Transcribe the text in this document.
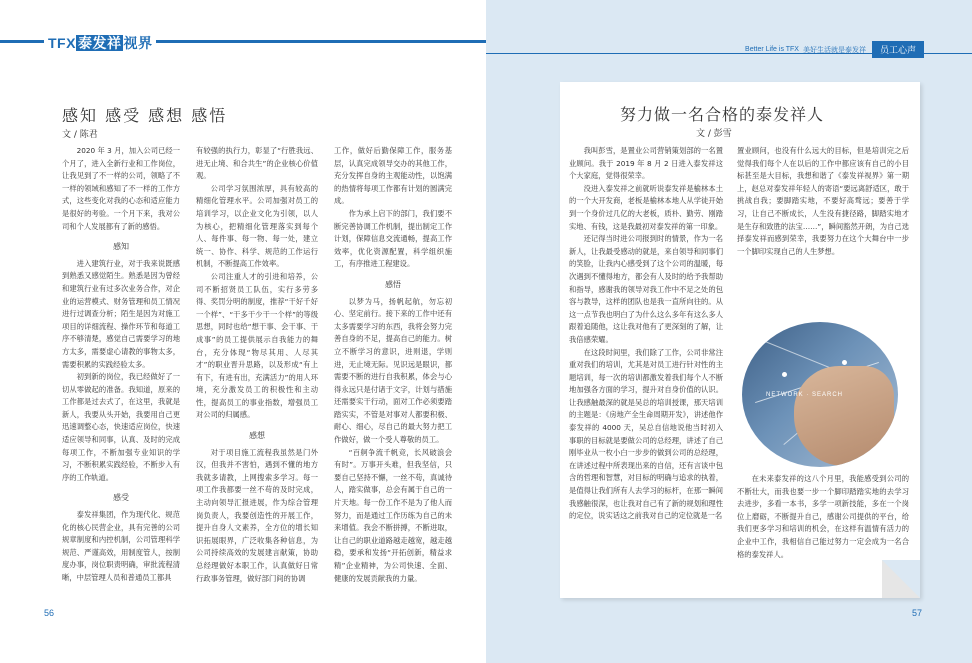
TFX 泰发祥 视界	Better Life is TFX 美好生活就是泰发祥	员工心声
感知 感受 感想 感悟
文 / 陈君

2020 年 3 月，加入公司已经一个月了，进入全新行业和工作岗位，让我见到了不一样的公司，领略了不一样的领域和感知了不一样的工作方式，这些变化对我的心态和适应能力是很好的考验。一个月下来，我对公司和个人发展都有了新的感悟。

感知

进入建筑行业，对于我来说既感到熟悉又感觉陌生。熟悉是因为曾经和建筑行业有过多次业务合作，对企业的运营模式、财务管理和员工情况进行过调查分析；陌生是因为对施工项目的详细流程、操作环节和每道工序不够清楚，感觉自己需要学习的地方太多，需要虚心请教的事物太多，需要积累的实践经验太多。

初到新的岗位，我已经做好了一切从零做起的准备。我知道，原来的工作都是过去式了，在这里，我就是新人，我要从头开始，我要用自己更迅速调整心态，快速适应岗位，快速适应领导和同事，认真、及时的完成每项工作，不断加强专业知识的学习，不断积累实践经验，不断步入有序的工作轨道。

感受

泰发祥集团，作为现代化、规范化的核心民营企业，具有完善的公司规章制度和内控机制，公司管理科学规范、严谨高效，用制度管人，按制度办事，岗位职责明确，审批流程清晰，中层管理人员和普通员工都具

有较强的执行力，彰显了“行胜我远、进无止境、和合共生”的企业核心价值观。

公司学习氛围浓厚，具有较高的精细化管理水平。公司加强对员工的培训学习，以企业文化为引领，以人为核心，把精细化管理落实到每个人、每件事、每一物、每一处，建立统一、协作、科学、规范的工作运行机制，不断提高工作效率。

公司注重人才的引进和培养，公司不断招贤员工队伍，实行多劳多得、奖罚分明的制度，推荐“干好千好一个样”、“干多干少干一个样”的等级思想，同时也给“想干事、会干事、干成事”的员工提供展示自我能力的舞台，充分体现“物尽其用、人尽其才”的职业晋升思路，以及形成“有上有下，有进有出，充满活力”的用人环境，充分激发员工的积极性和主动性，提高员工的事业指数，增强员工对公司的归属感。

感想

对于项目施工流程我虽然是门外汉，但我并不害怕，遇到不懂的地方我就多请教，上网搜索多学习。每一项工作我都要一丝不苟的及时完成，主动向领导汇报进展，作为综合管理岗负责人，我要创造性的开展工作，提升自身人文素养，全方位的增长知识拓展眼界，广泛收集各种信息，为公司持续高效的发展建言献策，协助总经理做好本职工作，认真做好日常行政事务管理，做好部门间的协调

工作，做好后勤保障工作，服务基层，认真完成领导交办的其他工作，充分发挥自身的主观能动性，以饱满的热情将每项工作都有计划的圆满完成。

作为承上启下的部门，我们要不断完善协调工作机制，提出制定工作计划，保障信息交流通畅，提高工作效率，优化资源配置，科学组织施工，有序推进工程建设。

感悟

以梦为马，扬帆起航，勿忘初心、坚定前行。接下来的工作中还有太多需要学习的东西，我将会努力完善自身的不足，提高自己的能力。树立不断学习的意识，进则退，学则进，无止境无际。见识远是眼识，都需要不断的进行自我积累，体会与心得永远只是付诸于文字，计划与措施还需要实干行动，面对工作必须要踏踏实实，不管是对事对人都要积极、耐心、细心，尽自己的最大努力把工作做好，做一个受人尊敬的员工。

“百舸争流千帆竞，长风破浪会有时”。万事开头难，但我坚信，只要自己坚持不懈，一丝不苟，真诚待人，踏实做事，总会有属于自己的一片天地。每一份工作不是为了他人而努力，而是通过工作历练为自己的未来增值。我会不断拼搏，不断进取，让自己的职业道路越走越宽，越走越稳，要承和发扬“开拓创新，精益求精”企业精神，为公司快速、全面、健康的发展贡献我的力量。

56
努力做一名合格的泰发祥人
文 / 彭雪

我叫彭雪，是置业公司营销策划部的一名置业顾问。我于 2019 年 8 月 2 日进入泰发祥这个大家庭，觉得很荣幸。

没进入泰发祥之前就听说泰发祥是榆林本土的一个大开发商，老板是榆林本地人从学徒开始到一个身价过几亿的大老板，质朴、勤劳、刚踏实地、有钱，这是我最初对泰发祥的第一印象。

还记得当时进公司报到时的情景，作为一名新人，让我最受感动的就是，来自领导和同事们的笑脸，让我内心感受到了这个公司的温暖，每次遇到不懂得地方，都会有人及时的给予我帮助和指导，感谢我的领导对我工作中不足之处的包容与教导，这样的团队也是我一直所向往的。从这一点节我也明白了为什么这么多年有这么多人跟着追随他，这让我对他有了更深刻的了解，让我倍感荣耀。

在这段时间里，我们除了工作，公司非常注重对我们的培训，尤其是对员工进行针对性的主题培训，每一次的培训都激发着我们每个人不断地加强各方面的学习，提升对自身价值的认识。让我感触最深的就是吴总的培训授课，那天培训的主题是：《房地产全生命周期开发》，讲述他作泰发祥的 4000 天，吴总自信地说他当时初入事职的目标就是要做公司的总经理，讲述了自己刚毕业从一枚小白一步步的做到公司的总经理，在讲述过程中所表现出来的自信，还有言谈中包含的哲理和智慧，对目标的明确与追求的执着，是值得让我们所有人去学习的标杆，在那一瞬间我感触很深，也让我对自己有了新的规划和理性的定位，说实话这之前我对自己的定位就是一名

置业顾问，也没有什么远大的目标，但是培训完之后觉得我们每个人在以后的工作中都应该有自己的小目标甚至是大目标，我想和谐了《泰发祥视界》第一期上，赵总对泰发祥年轻人的寄语“要远离舒适区，敢于挑战自我；要脚踏实地，不要好高骛远；要善于学习，让自己不断成长，人生没有捷径路，脚踏实地才是生存和致胜的法宝……”，瞬间豁然开朗，为自己选择泰发祥而感到荣幸，我要努力在这个大舞台中一步一个脚印实现自己的人生梦想。

NETWORK · SEARCH

在未来泰发祥的这八个月里，我能感受到公司的不断壮大，而我也要一步一个脚印踏踏实地的去学习去进步，多看一本书，多学一项新技能，多在一个岗位上磨砺，不断提升自己，感谢公司提供的平台，给我们更多学习和培训的机会，在这样有温情有活力的企业中工作，我相信自己能过努力一定会成为一名合格的泰发祥人。

57
